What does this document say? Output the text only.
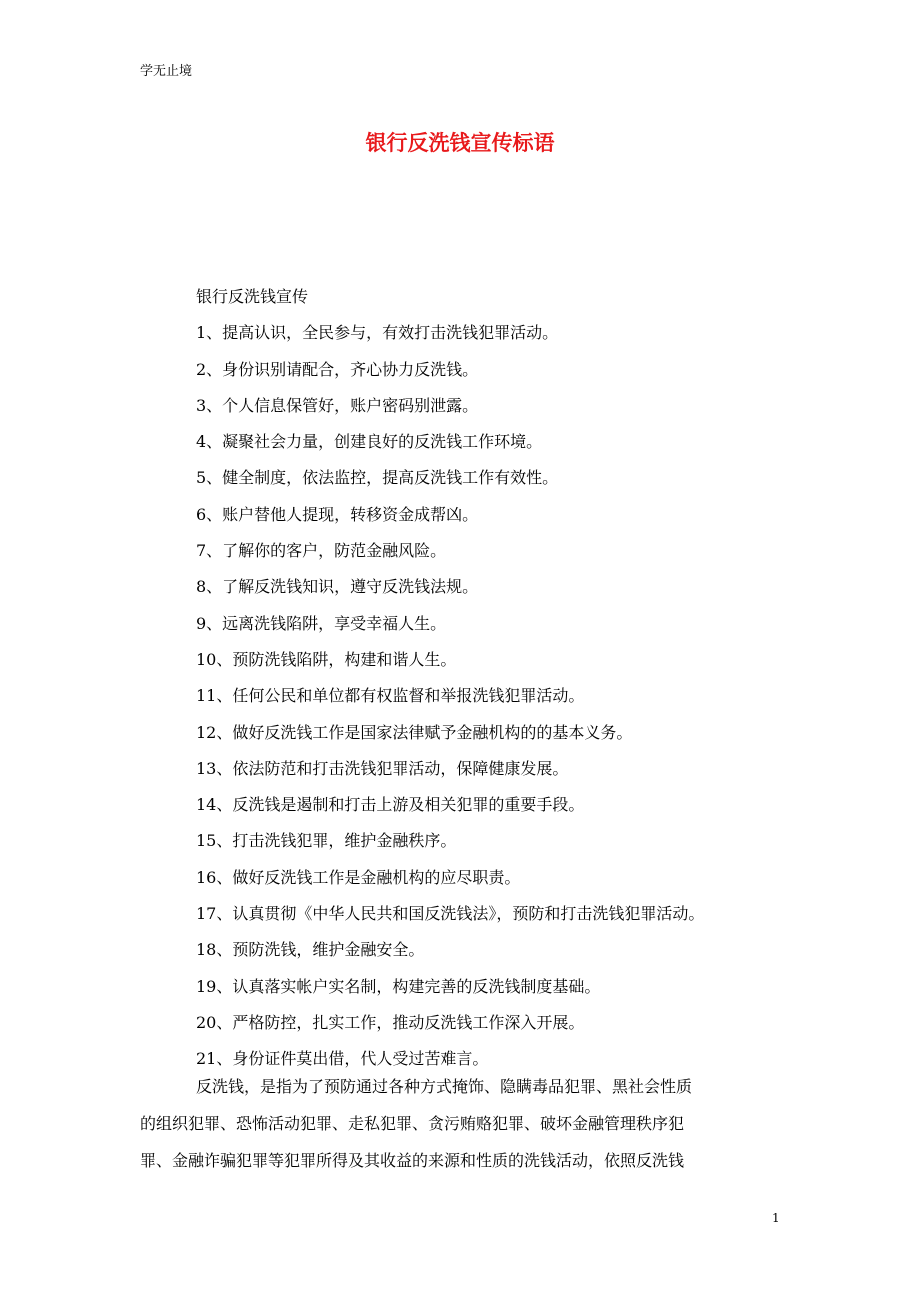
学无止境
银行反洗钱宣传标语
银行反洗钱宣传
1、提高认识，全民参与，有效打击洗钱犯罪活动。
2、身份识别请配合，齐心协力反洗钱。
3、个人信息保管好，账户密码别泄露。
4、凝聚社会力量，创建良好的反洗钱工作环境。
5、健全制度，依法监控，提高反洗钱工作有效性。
6、账户替他人提现，转移资金成帮凶。
7、了解你的客户，防范金融风险。
8、了解反洗钱知识，遵守反洗钱法规。
9、远离洗钱陷阱，享受幸福人生。
10、预防洗钱陷阱，构建和谐人生。
11、任何公民和单位都有权监督和举报洗钱犯罪活动。
12、做好反洗钱工作是国家法律赋予金融机构的的基本义务。
13、依法防范和打击洗钱犯罪活动，保障健康发展。
14、反洗钱是遏制和打击上游及相关犯罪的重要手段。
15、打击洗钱犯罪，维护金融秩序。
16、做好反洗钱工作是金融机构的应尽职责。
17、认真贯彻《中华人民共和国反洗钱法》，预防和打击洗钱犯罪活动。
18、预防洗钱，维护金融安全。
19、认真落实帐户实名制，构建完善的反洗钱制度基础。
20、严格防控，扎实工作，推动反洗钱工作深入开展。
21、身份证件莫出借，代人受过苦难言。
反洗钱，是指为了预防通过各种方式掩饰、隐瞒毒品犯罪、黑社会性质
的组织犯罪、恐怖活动犯罪、走私犯罪、贪污贿赂犯罪、破坏金融管理秩序犯
罪、金融诈骗犯罪等犯罪所得及其收益的来源和性质的洗钱活动，依照反洗钱
1
